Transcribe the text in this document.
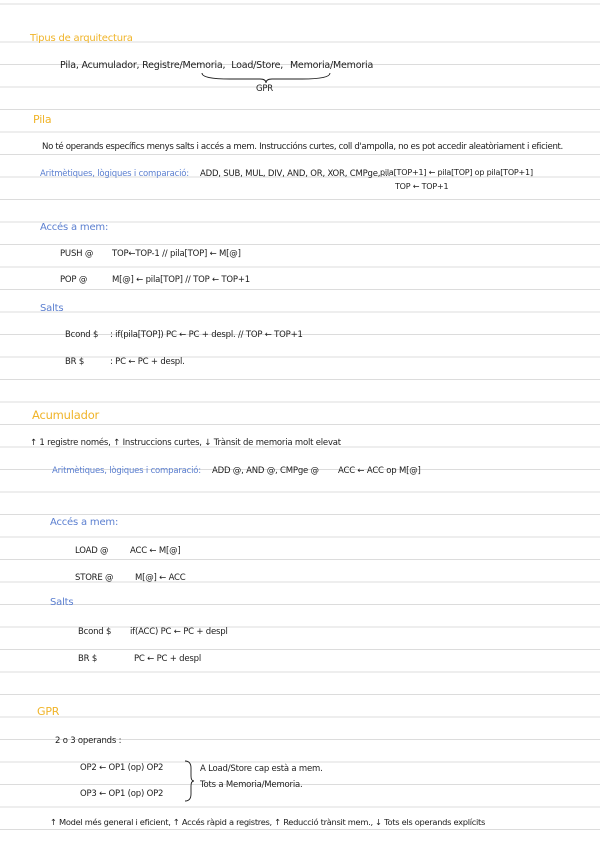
Tipus de arquitectura
Pila, Acumulador, Registre/Memoria, Load/Store, Memoria/Memoria
GPR
Pila
No té operands específics menys salts i accés a mem. Instruccións curtes, coll d'ampolla, no es pot accedir aleatòriament i eficient.
Aritmètiques, lògiques i comparació: ADD, SUB, MUL, DIV, AND, OR, XOR, CMPge, ...
pila[TOP+1] ← pila[TOP] op pila[TOP+1]
TOP ← TOP+1
Accés a mem:
PUSH @ TOP←TOP-1 // pila[TOP] ← M[@]
POP @	M[@] ← pila[TOP] // TOP ← TOP+1
Salts
Bcond $ : if(pila[TOP]) PC ← PC + despl. // TOP ← TOP+1
BR $	: PC ← PC + despl.
Acumulador
↑ 1 registre només, ↑ Instruccions curtes, ↓ Trànsit de memoria molt elevat
Aritmètiques, lògiques i comparació: ADD @, AND @, CMPge @ ACC ← ACC op M[@]
Accés a mem:
LOAD @	ACC ← M[@]
STORE @	M[@] ← ACC
Salts
Bcond $ if(ACC) PC ← PC + despl
BR $	PC ← PC + despl
GPR
2 o 3 operands :
OP2 ← OP1 (op) OP2
OP3 ← OP1 (op) OP2
A Load/Store cap està a mem.
Tots a Memoria/Memoria.
↑ Model més general i eficient, ↑ Accés ràpid a registres, ↑ Reducció trànsit mem., ↓ Tots els operands explícits
